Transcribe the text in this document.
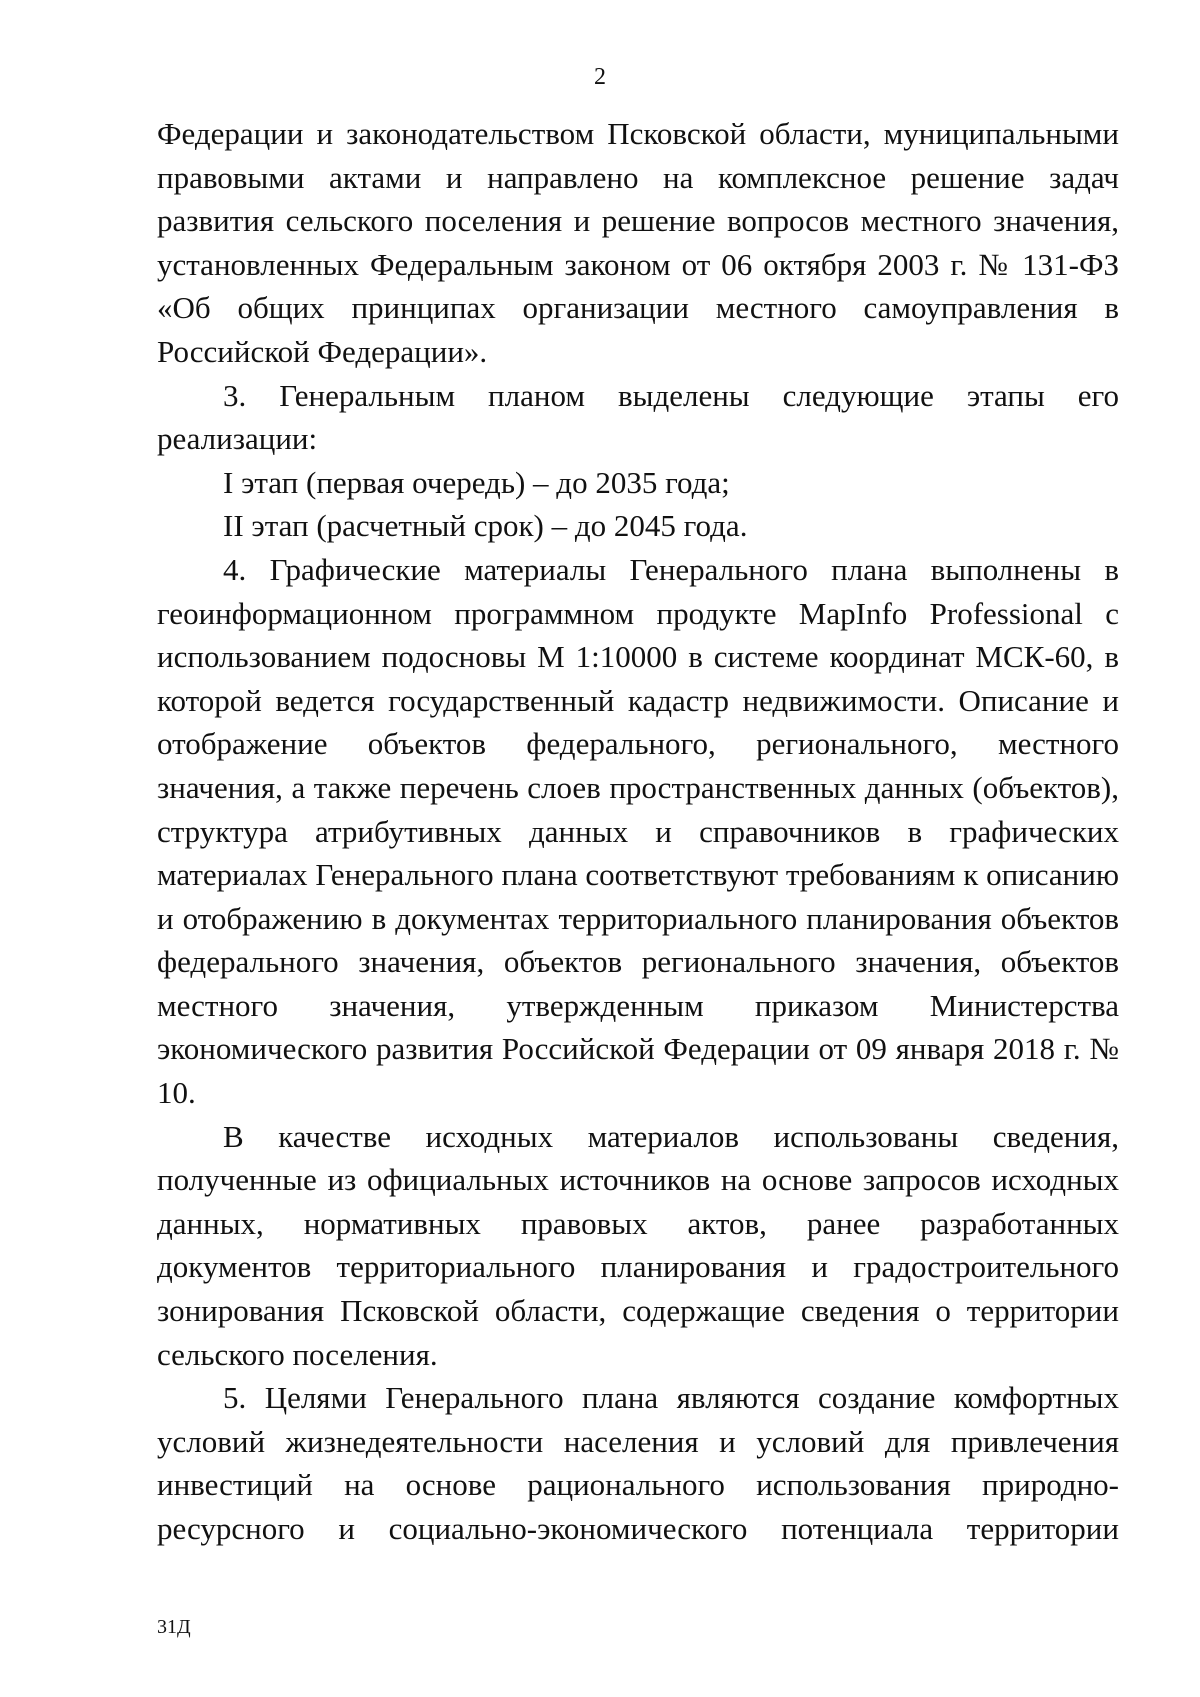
2

Федерации и законодательством Псковской области, муниципальными правовыми актами и направлено на комплексное решение задач развития сельского поселения и решение вопросов местного значения, установленных Федеральным законом от 06 октября 2003 г. № 131-ФЗ «Об общих принципах организации местного самоуправления в Российской Федерации».

3. Генеральным планом выделены следующие этапы его реализации:

I этап (первая очередь) – до 2035 года;

II этап (расчетный срок) – до 2045 года.

4. Графические материалы Генерального плана выполнены в геоинформационном программном продукте MapInfo Professional с использованием подосновы М 1:10000 в системе координат МСК-60, в которой ведется государственный кадастр недвижимости. Описание и отображение объектов федерального, регионального, местного значения, а также перечень слоев пространственных данных (объектов), структура атрибутивных данных и справочников в графических материалах Генерального плана соответствуют требованиям к описанию и отображению в документах территориального планирования объектов федерального значения, объектов регионального значения, объектов местного значения, утвержденным приказом Министерства экономического развития Российской Федерации от 09 января 2018 г. № 10.

В качестве исходных материалов использованы сведения, полученные из официальных источников на основе запросов исходных данных, нормативных правовых актов, ранее разработанных документов территориального планирования и градостроительного зонирования Псковской области, содержащие сведения о территории сельского поселения.

5. Целями Генерального плана являются создание комфортных условий жизнедеятельности населения и условий для привлечения инвестиций на основе рационального использования природно-ресурсного и социально-экономического потенциала территории

31Д
